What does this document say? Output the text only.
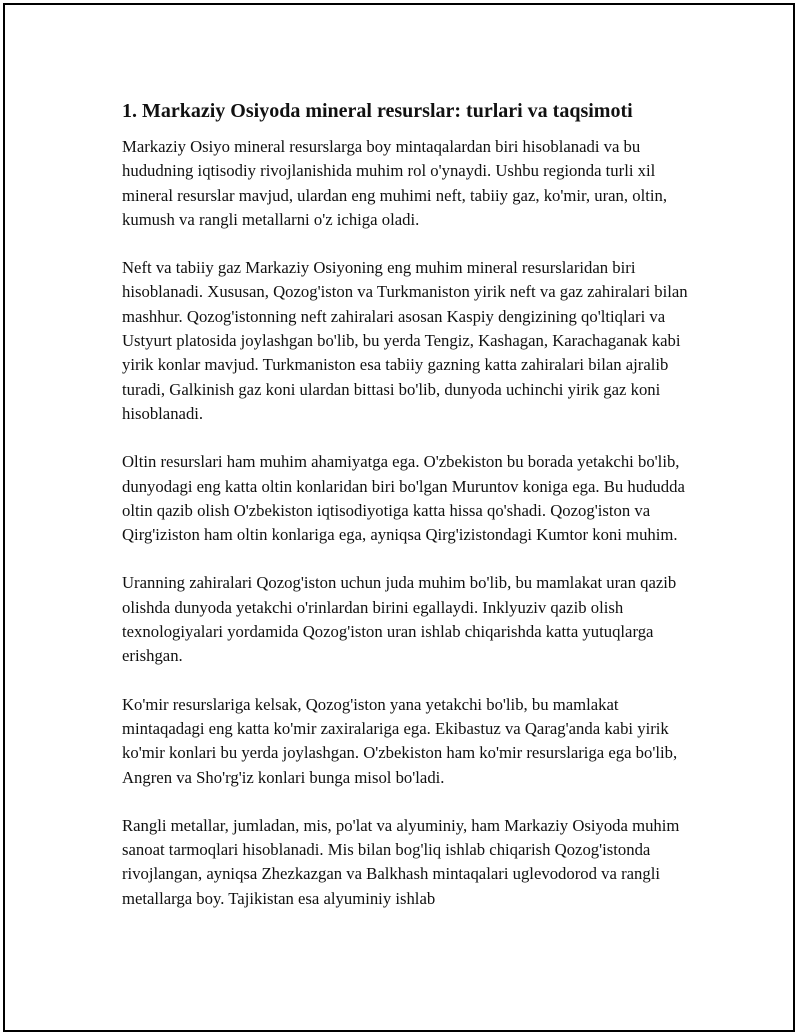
1. Markaziy Osiyoda mineral resurslar: turlari va taqsimoti

Markaziy Osiyo mineral resurslarga boy mintaqalardan biri hisoblanadi va bu hududning iqtisodiy rivojlanishida muhim rol o'ynaydi. Ushbu regionda turli xil mineral resurslar mavjud, ulardan eng muhimi neft, tabiiy gaz, ko'mir, uran, oltin, kumush va rangli metallarni o'z ichiga oladi.

Neft va tabiiy gaz Markaziy Osiyoning eng muhim mineral resurslaridan biri hisoblanadi. Xususan, Qozog'iston va Turkmaniston yirik neft va gaz zahiralari bilan mashhur. Qozog'istonning neft zahiralari asosan Kaspiy dengizining qo'ltiqlari va Ustyurt platosida joylashgan bo'lib, bu yerda Tengiz, Kashagan, Karachaganak kabi yirik konlar mavjud. Turkmaniston esa tabiiy gazning katta zahiralari bilan ajralib turadi, Galkinish gaz koni ulardan bittasi bo'lib, dunyoda uchinchi yirik gaz koni hisoblanadi.

Oltin resurslari ham muhim ahamiyatga ega. O'zbekiston bu borada yetakchi bo'lib, dunyodagi eng katta oltin konlaridan biri bo'lgan Muruntov koniga ega. Bu hududda oltin qazib olish O'zbekiston iqtisodiyotiga katta hissa qo'shadi. Qozog'iston va Qirg'iziston ham oltin konlariga ega, ayniqsa Qirg'izistondagi Kumtor koni muhim.

Uranning zahiralari Qozog'iston uchun juda muhim bo'lib, bu mamlakat uran qazib olishda dunyoda yetakchi o'rinlardan birini egallaydi. Inklyuziv qazib olish texnologiyalari yordamida Qozog'iston uran ishlab chiqarishda katta yutuqlarga erishgan.

Ko'mir resurslariga kelsak, Qozog'iston yana yetakchi bo'lib, bu mamlakat mintaqadagi eng katta ko'mir zaxiralariga ega. Ekibastuz va Qarag'anda kabi yirik ko'mir konlari bu yerda joylashgan. O'zbekiston ham ko'mir resurslariga ega bo'lib, Angren va Sho'rg'iz konlari bunga misol bo'ladi.

Rangli metallar, jumladan, mis, po'lat va alyuminiy, ham Markaziy Osiyoda muhim sanoat tarmoqlari hisoblanadi. Mis bilan bog'liq ishlab chiqarish Qozog'istonda rivojlangan, ayniqsa Zhezkazgan va Balkhash mintaqalari uglevodorod va rangli metallarga boy. Tajikistan esa alyuminiy ishlab
